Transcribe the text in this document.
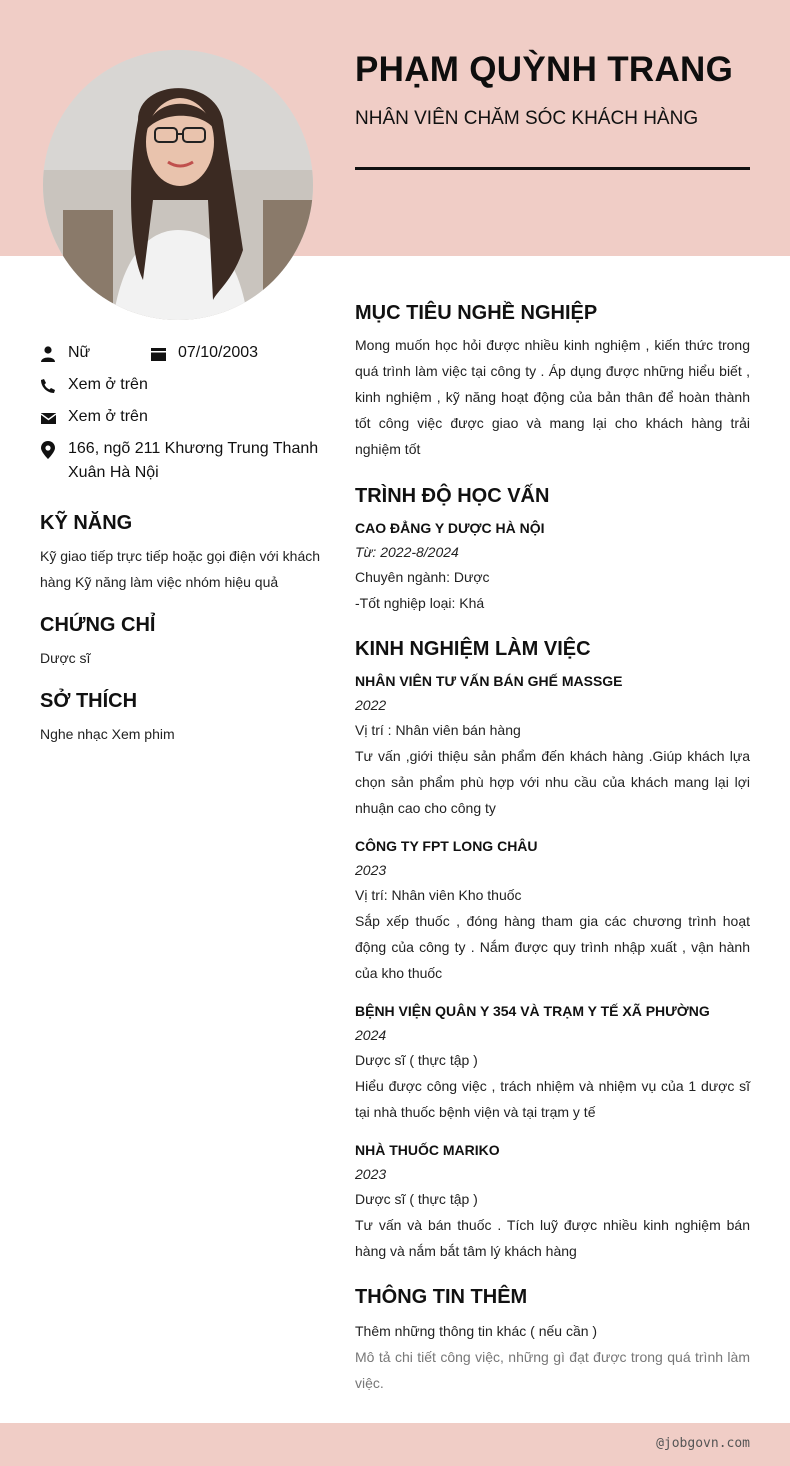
PHẠM QUỲNH TRANG
NHÂN VIÊN CHĂM SÓC KHÁCH HÀNG
Nữ	07/10/2003
Xem ở trên
Xem ở trên
166, ngõ 211 Khương Trung Thanh
Xuân Hà Nội
KỸ NĂNG
Kỹ giao tiếp trực tiếp hoặc gọi điện với khách hàng Kỹ năng làm việc nhóm hiệu quả
CHỨNG CHỈ
Dược sĩ
SỞ THÍCH
Nghe nhạc Xem phim
MỤC TIÊU NGHỀ NGHIỆP
Mong muốn học hỏi được nhiều kinh nghiệm , kiến thức trong quá trình làm việc tại công ty . Áp dụng được những hiểu biết , kinh nghiệm , kỹ năng hoạt động của bản thân để hoàn thành tốt công việc được giao và mang lại cho khách hàng trải nghiệm tốt
TRÌNH ĐỘ HỌC VẤN
CAO ĐẲNG Y DƯỢC HÀ NỘI
Từ: 2022-8/2024
Chuyên ngành: Dược
-Tốt nghiệp loại: Khá
KINH NGHIỆM LÀM VIỆC
NHÂN VIÊN TƯ VẤN BÁN GHẾ MASSGE
2022
Vị trí : Nhân viên bán hàng
Tư vấn ,giới thiệu sản phẩm đến khách hàng .Giúp khách lựa chọn sản phẩm phù hợp với nhu cầu của khách mang lại lợi nhuận cao cho công ty
CÔNG TY FPT LONG CHÂU
2023
Vị trí: Nhân viên Kho thuốc
Sắp xếp thuốc , đóng hàng tham gia các chương trình hoạt động của công ty . Nắm được quy trình nhập xuất , vận hành của kho thuốc
BỆNH VIỆN QUÂN Y 354 VÀ TRẠM Y TẾ XÃ PHƯỜNG
2024
Dược sĩ ( thực tập )
Hiểu được công việc , trách nhiệm và nhiệm vụ của 1 dược sĩ tại nhà thuốc bệnh viện và tại trạm y tế
NHÀ THUỐC MARIKO
2023
Dược sĩ ( thực tập )
Tư vấn và bán thuốc . Tích luỹ được nhiều kinh nghiệm bán hàng và nắm bắt tâm lý khách hàng
THÔNG TIN THÊM
Thêm những thông tin khác ( nếu cần )
Mô tả chi tiết công việc, những gì đạt được trong quá trình làm việc.
@jobgovn.com
